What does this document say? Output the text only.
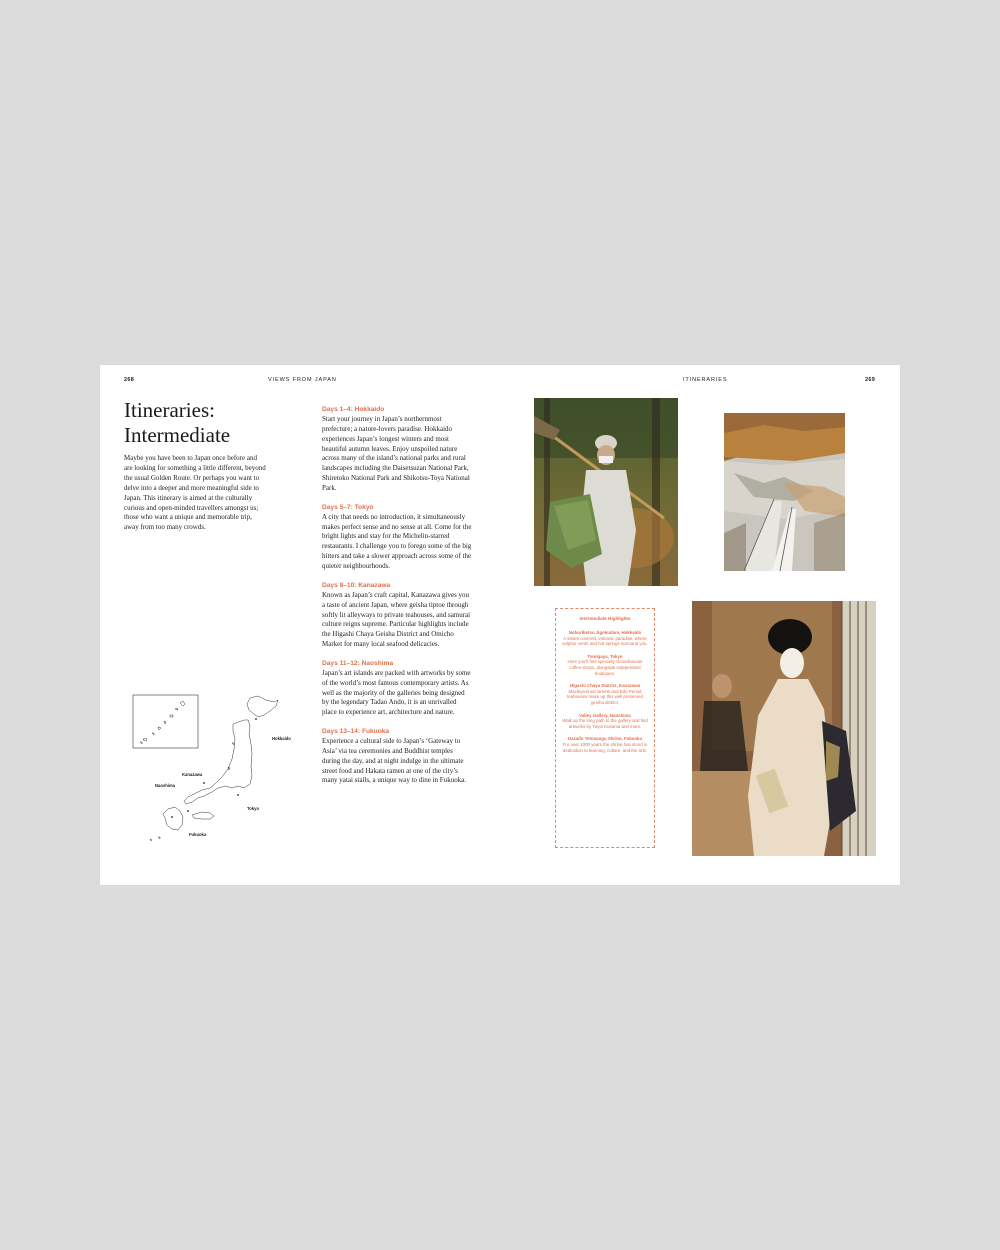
268	VIEWS FROM JAPAN	ITINERARIES	269
Itineraries:
Intermediate

Maybe you have been to Japan once before and are looking for something a little different, beyond the usual Golden Route. Or perhaps you want to delve into a deeper and more meaningful side to Japan. This itinerary is aimed at the culturally curious and open-minded travellers amongst us; those who want a unique and memorable trip, away from too many crowds.

Days 1–4: Hokkaido

Start your journey in Japan’s northernmost prefecture; a nature-lovers paradise. Hokkaido experiences Japan’s longest winters and most beautiful autumn leaves. Enjoy unspoiled nature across many of the island’s national parks and rural landscapes including the Daisetsuzan National Park, Shiretoko National Park and Shikotsu-Toya National Park.

Days 5–7: Tokyo

A city that needs no introduction, it simultaneously makes perfect sense and no sense at all. Come for the bright lights and stay for the Michelin-starred restaurants. I challenge you to forego some of the big hitters and take a slower approach across some of the quieter neighbourhoods.

Days 8–10: Kanazawa

Known as Japan’s craft capital, Kanazawa gives you a taste of ancient Japan, where geisha tiptoe through softly lit alleyways to private teahouses, and samurai culture reigns supreme. Particular highlights include the Higashi Chaya Geisha District and Omicho Market for many local seafood delicacies.

Days 11–12: Naoshima

Japan’s art islands are packed with artworks by some of the world’s most famous contemporary artists. As well as the majority of the galleries being designed by the legendary Tadao Ando, it is an unrivalled place to experience art, architecture and nature.

Days 13–14: Fukuoka

Experience a cultural side to Japan’s ‘Gateway to Asia’ via tea ceremonies and Buddhist temples during the day, and at night indulge in the ultimate street food and Hakata ramen at one of the city’s many yatai stalls, a unique way to dine in Fukuoka.

Hokkaido
Kanazawa
Naoshima
Tokyo
Fukuoka

Intermediate Highlights

Noboribetsu Jigokudani, Hokkaido

A steam covered, volcanic paradise, where sulphur vents and hot springs surround you.

Tomigaya, Tokyo

Here you’ll find specialty Scandinavian coffee shops, alongside independent boutiques.

Higashi Chaya District, Kanazawa

Machiya-lined streets and Edo Period teahouses make up this well preserved geisha district.

Valley Gallery, Naoshima

Walk up the long path to the gallery and find artworks by Yayoi Kusama and more.

Dazaifu Tenmangu Shrine, Fukuoka

For over 1000 years the shrine has stood in dedication to learning, culture, and the arts.
